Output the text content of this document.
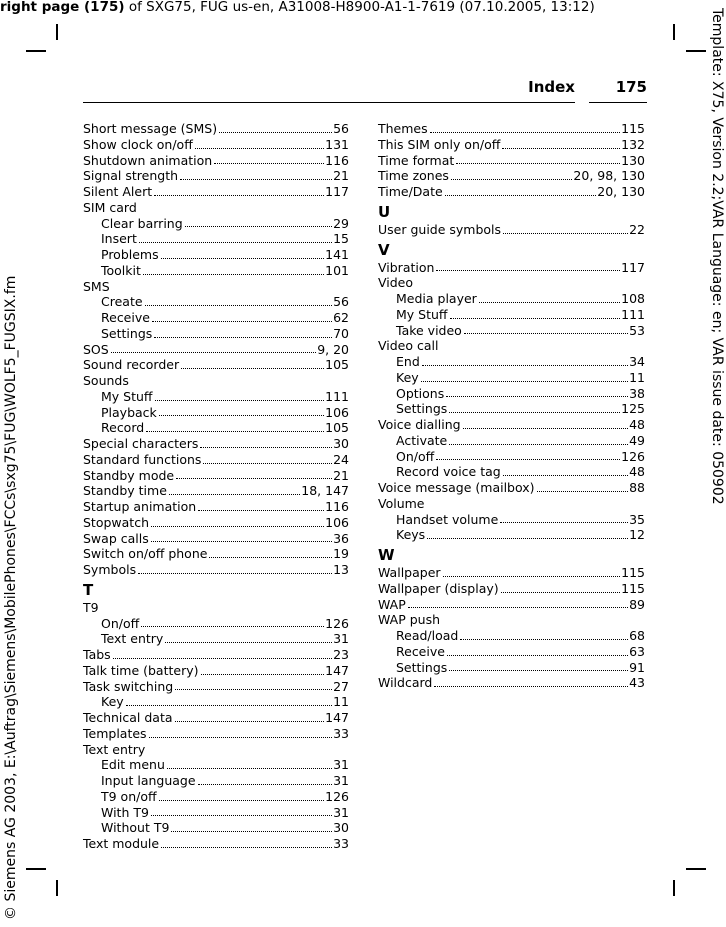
right page (175) of SXG75, FUG us-en, A31008-H8900-A1-1-7619 (07.10.2005, 13:12)
© Siemens AG 2003, E:\Auftrag\Siemens\MobilePhones\FCCs\sxg75\FUG\WOLF5_FUGSIX.fm
Template: X75, Version 2.2;VAR Language: en; VAR issue date: 050902
Index	175
Short message (SMS)	56
Show clock on/off	131
Shutdown animation	116
Signal strength	21
Silent Alert	117
SIM card
Clear barring	29
Insert	15
Problems	141
Toolkit	101
SMS
Create	56
Receive	62
Settings	70
SOS	9, 20
Sound recorder	105
Sounds
My Stuff	111
Playback	106
Record	105
Special characters	30
Standard functions	24
Standby mode	21
Standby time	18, 147
Startup animation	116
Stopwatch	106
Swap calls	36
Switch on/off phone	19
Symbols	13
T
T9
On/off	126
Text entry	31
Tabs	23
Talk time (battery)	147
Task switching	27
Key	11
Technical data	147
Templates	33
Text entry
Edit menu	31
Input language	31
T9 on/off	126
With T9	31
Without T9	30
Text module	33
Themes	115
This SIM only on/off	132
Time format	130
Time zones	20, 98, 130
Time/Date	20, 130
U
User guide symbols	22
V
Vibration	117
Video
Media player	108
My Stuff	111
Take video	53
Video call
End	34
Key	11
Options	38
Settings	125
Voice dialling	48
Activate	49
On/off	126
Record voice tag	48
Voice message (mailbox)	88
Volume
Handset volume	35
Keys	12
W
Wallpaper	115
Wallpaper (display)	115
WAP	89
WAP push
Read/load	68
Receive	63
Settings	91
Wildcard	43
